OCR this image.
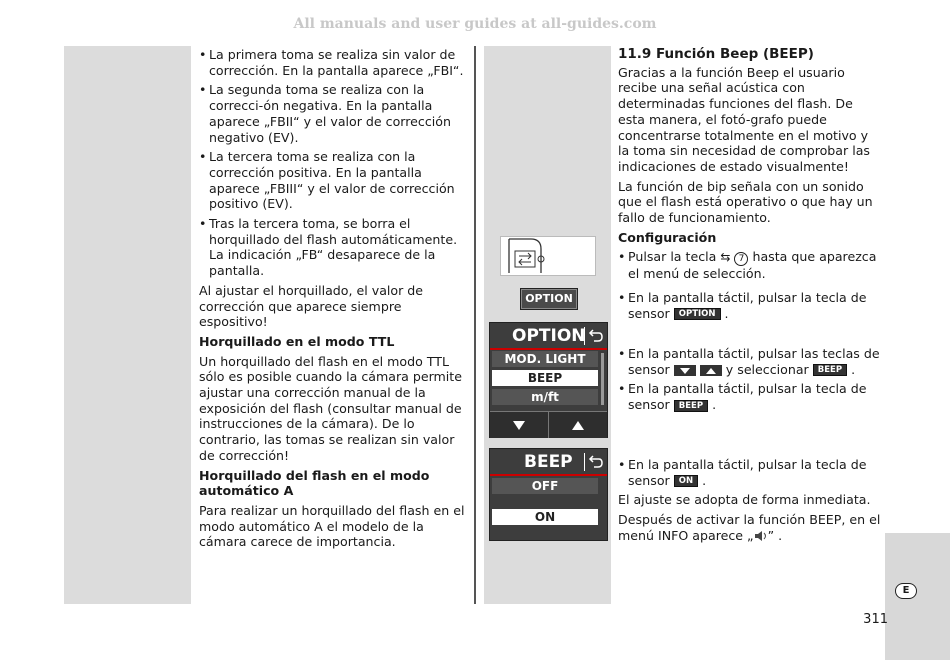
All manuals and user guides at all-guides.com
• La primera toma se realiza sin valor de corrección. En la pantalla aparece „FBI“.
• La segunda toma se realiza con la correcci-ón negativa. En la pantalla aparece „FBII“ y el valor de corrección negativo (EV).
• La tercera toma se realiza con la corrección positiva. En la pantalla aparece „FBIII“ y el valor de corrección positivo (EV).
• Tras la tercera toma, se borra el horquillado del flash automáticamente. La indicación „FB“ desaparece de la pantalla.

Al ajustar el horquillado, el valor de corrección que aparece siempre espositivo!

Horquillado en el modo TTL

Un horquillado del flash en el modo TTL sólo es posible cuando la cámara permite ajustar una corrección manual de la exposición del flash (consultar manual de instrucciones de la cámara). De lo contrario, las tomas se realizan sin valor de corrección!

Horquillado del flash en el modo
automático A

Para realizar un horquillado del flash en el modo automático A el modelo de la cámara carece de importancia.

OPTION
OPTION
MOD. LIGHT
BEEP
m/ft
BEEP
OFF
ON
11.9 Función Beep (BEEP)

Gracias a la función Beep el usuario recibe una señal acústica con determinadas funciones del flash. De esta manera, el fotó-grafo puede concentrarse totalmente en el motivo y la toma sin necesidad de comprobar las indicaciones de estado visualmente!

La función de bip señala con un sonido que el flash está operativo o que hay un fallo de funcionamiento.

Configuración

• Pulsar la tecla ⇆ 7 hasta que aparezca el menú de selección.
• En la pantalla táctil, pulsar la tecla de sensor OPTION .
• En la pantalla táctil, pulsar las teclas de sensor
	y seleccionar BEEP .
• En la pantalla táctil, pulsar la tecla de sensor BEEP .
• En la pantalla táctil, pulsar la tecla de sensor ON .

El ajuste se adopta de forma inmediata.

Después de activar la función BEEP, en el menú INFO aparece „ ” .

E
311
